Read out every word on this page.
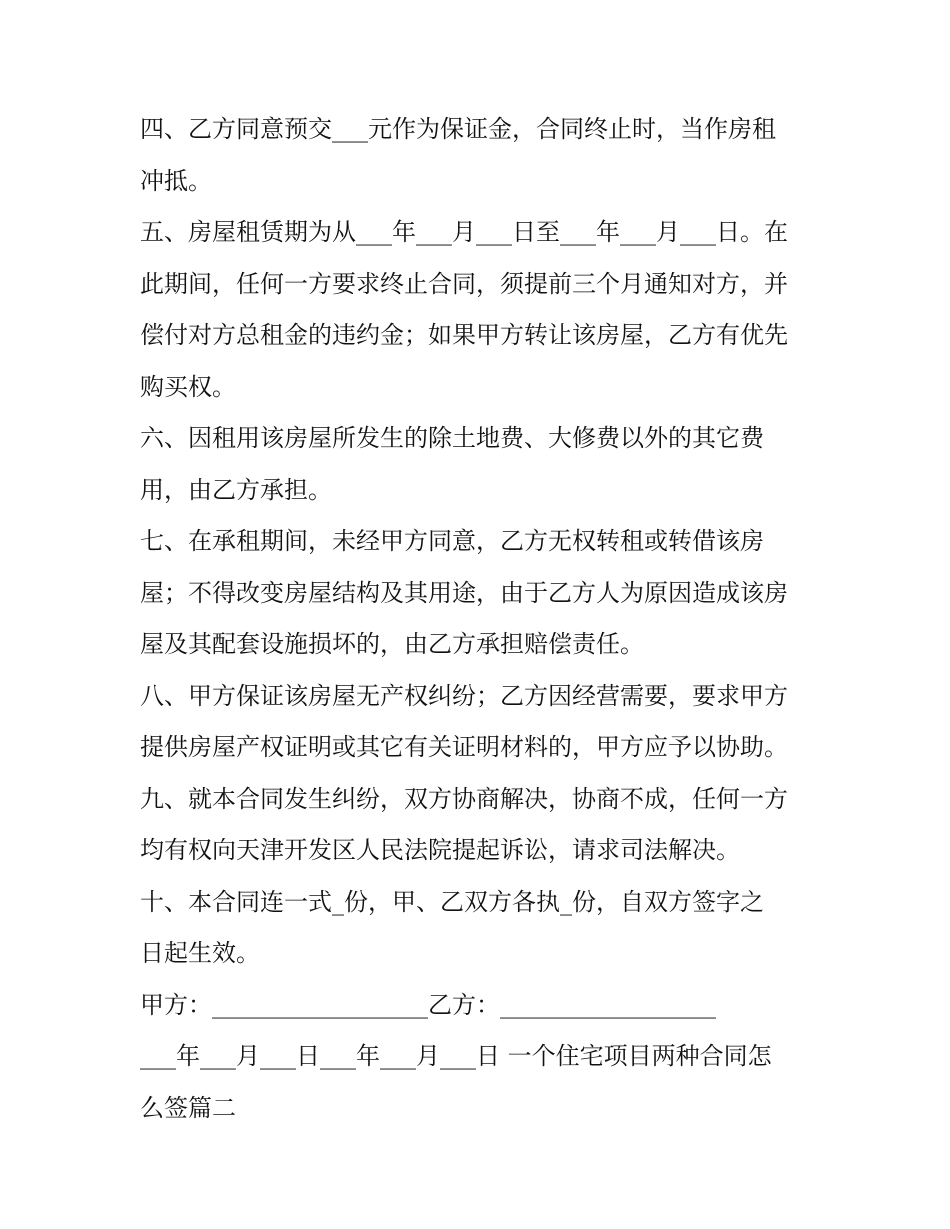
四、乙方同意预交___元作为保证金，合同终止时，当作房租
冲抵。

五、房屋租赁期为从___年___月___日至___年___月___日。在
此期间，任何一方要求终止合同，须提前三个月通知对方，并
偿付对方总租金的违约金；如果甲方转让该房屋，乙方有优先
购买权。

六、因租用该房屋所发生的除土地费、大修费以外的其它费
用，由乙方承担。

七、在承租期间，未经甲方同意，乙方无权转租或转借该房
屋；不得改变房屋结构及其用途，由于乙方人为原因造成该房
屋及其配套设施损坏的，由乙方承担赔偿责任。

八、甲方保证该房屋无产权纠纷；乙方因经营需要，要求甲方
提供房屋产权证明或其它有关证明材料的，甲方应予以协助。

九、就本合同发生纠纷，双方协商解决，协商不成，任何一方
均有权向天津开发区人民法院提起诉讼，请求司法解决。

十、本合同连一式_份，甲、乙双方各执_份，自双方签字之
日起生效。

甲方：__________________乙方：__________________

___年___月___日___年___月___日 一个住宅项目两种合同怎
么签篇二
